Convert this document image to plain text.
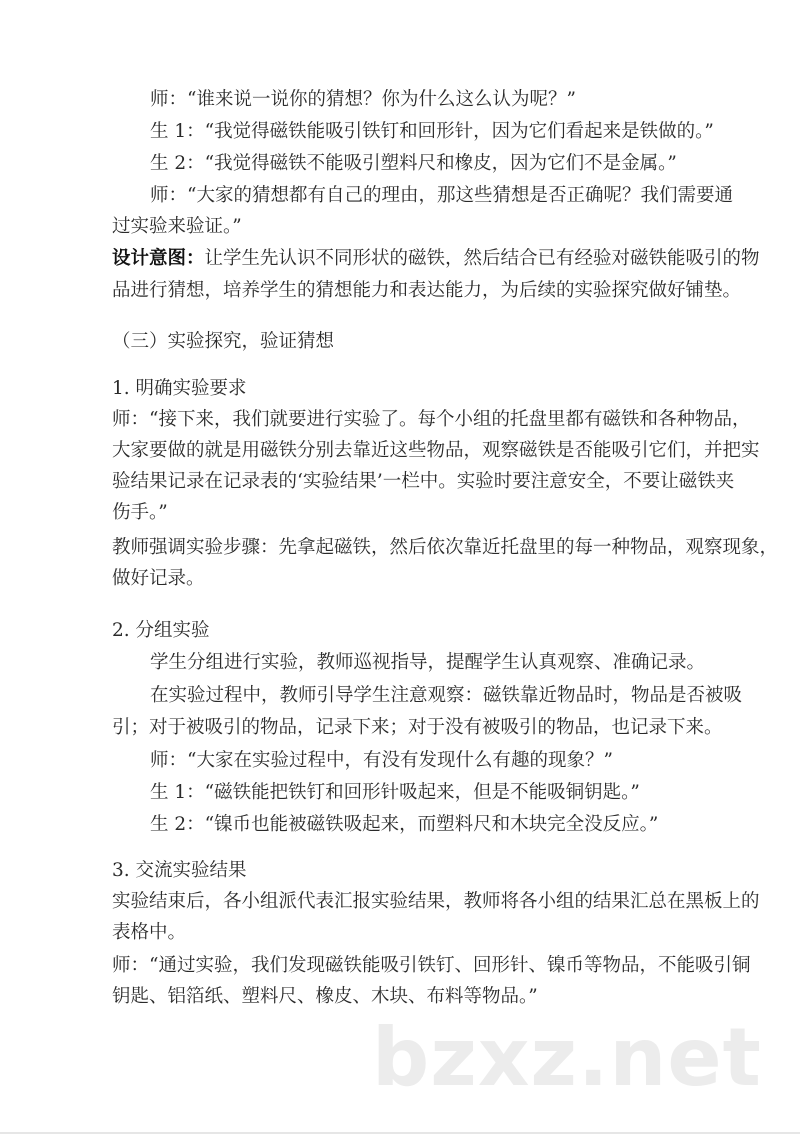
师：“谁来说一说你的猜想？你为什么这么认为呢？”
生 1：“我觉得磁铁能吸引铁钉和回形针，因为它们看起来是铁做的。”
生 2：“我觉得磁铁不能吸引塑料尺和橡皮，因为它们不是金属。”
师：“大家的猜想都有自己的理由，那这些猜想是否正确呢？我们需要通
过实验来验证。”
设计意图：让学生先认识不同形状的磁铁，然后结合已有经验对磁铁能吸引的物
品进行猜想，培养学生的猜想能力和表达能力，为后续的实验探究做好铺垫。
（三）实验探究，验证猜想
1. 明确实验要求
师：“接下来，我们就要进行实验了。每个小组的托盘里都有磁铁和各种物品，
大家要做的就是用磁铁分别去靠近这些物品，观察磁铁是否能吸引它们，并把实
验结果记录在记录表的‘实验结果’一栏中。实验时要注意安全，不要让磁铁夹
伤手。”
教师强调实验步骤：先拿起磁铁，然后依次靠近托盘里的每一种物品，观察现象，
做好记录。
2. 分组实验
学生分组进行实验，教师巡视指导，提醒学生认真观察、准确记录。
在实验过程中，教师引导学生注意观察：磁铁靠近物品时，物品是否被吸
引；对于被吸引的物品，记录下来；对于没有被吸引的物品，也记录下来。
师：“大家在实验过程中，有没有发现什么有趣的现象？”
生 1：“磁铁能把铁钉和回形针吸起来，但是不能吸铜钥匙。”
生 2：“镍币也能被磁铁吸起来，而塑料尺和木块完全没反应。”
3. 交流实验结果
实验结束后，各小组派代表汇报实验结果，教师将各小组的结果汇总在黑板上的
表格中。
师：“通过实验，我们发现磁铁能吸引铁钉、回形针、镍币等物品，不能吸引铜
钥匙、铝箔纸、塑料尺、橡皮、木块、布料等物品。”
bzxz.net
